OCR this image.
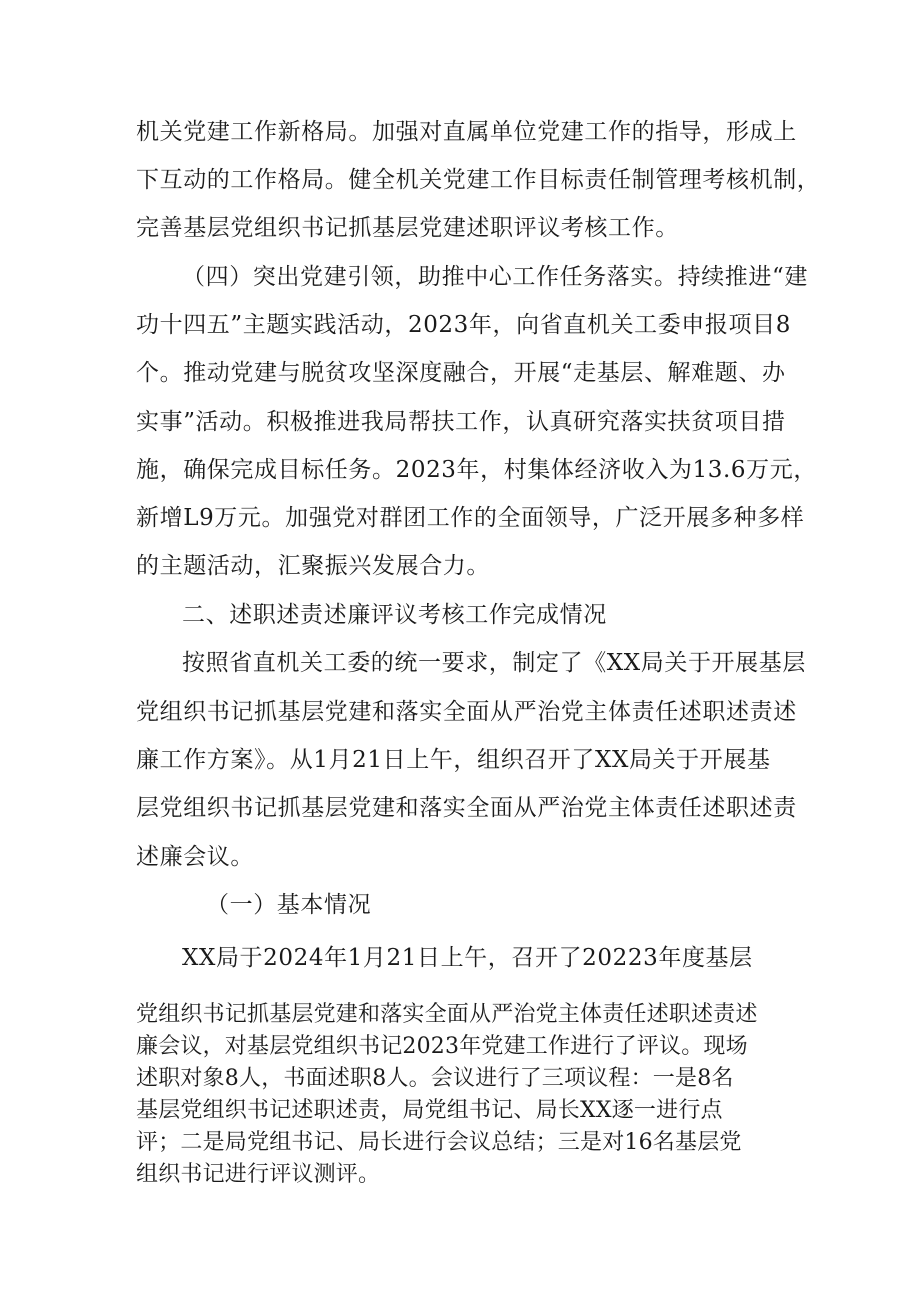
机关党建工作新格局。加强对直属单位党建工作的指导，形成上
下互动的工作格局。健全机关党建工作目标责任制管理考核机制，
完善基层党组织书记抓基层党建述职评议考核工作。
（四）突出党建引领，助推中心工作任务落实。持续推进“建
功十四五”主题实践活动，2023年，向省直机关工委申报项目8
个。推动党建与脱贫攻坚深度融合，开展“走基层、解难题、办
实事”活动。积极推进我局帮扶工作，认真研究落实扶贫项目措
施，确保完成目标任务。2023年，村集体经济收入为13.6万元，
新增L9万元。加强党对群团工作的全面领导，广泛开展多种多样
的主题活动，汇聚振兴发展合力。
二、述职述责述廉评议考核工作完成情况
按照省直机关工委的统一要求，制定了《XX局关于开展基层
党组织书记抓基层党建和落实全面从严治党主体责任述职述责述
廉工作方案》。从1月21日上午，组织召开了XX局关于开展基
层党组织书记抓基层党建和落实全面从严治党主体责任述职述责
述廉会议。
（一）基本情况
XX局于2024年1月21日上午，召开了20223年度基层
党组织书记抓基层党建和落实全面从严治党主体责任述职述责述
廉会议，对基层党组织书记2023年党建工作进行了评议。现场
述职对象8人，书面述职8人。会议进行了三项议程：一是8名
基层党组织书记述职述责，局党组书记、局长XX逐一进行点
评；二是局党组书记、局长进行会议总结；三是对16名基层党
组织书记进行评议测评。
